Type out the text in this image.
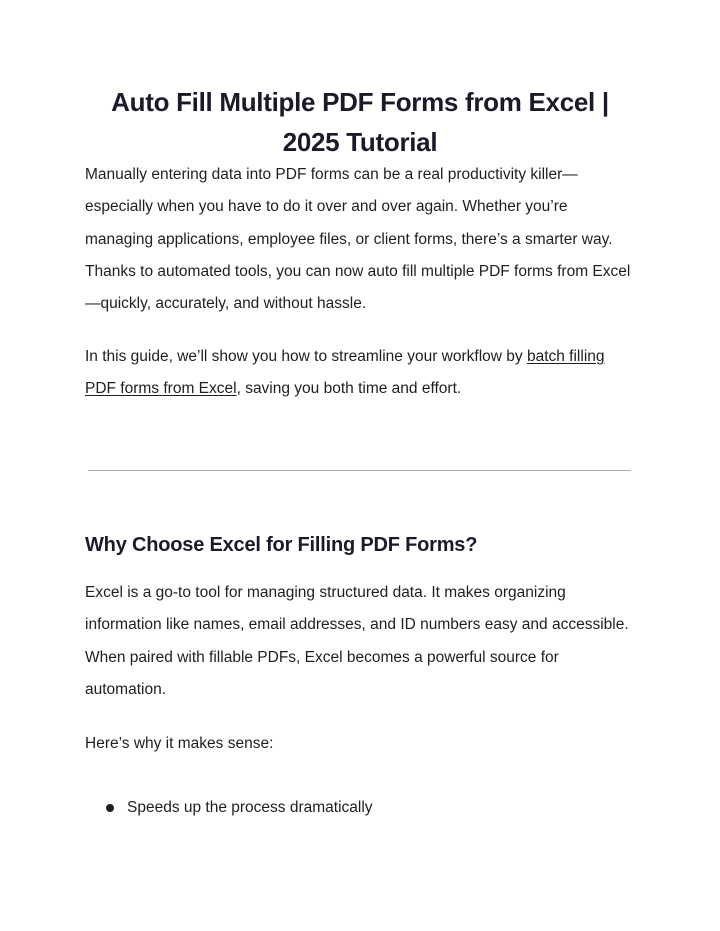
Auto Fill Multiple PDF Forms from Excel | 2025 Tutorial

Manually entering data into PDF forms can be a real productivity killer—especially when you have to do it over and over again. Whether you’re managing applications, employee files, or client forms, there’s a smarter way. Thanks to automated tools, you can now auto fill multiple PDF forms from Excel—quickly, accurately, and without hassle.

In this guide, we’ll show you how to streamline your workflow by batch filling PDF forms from Excel, saving you both time and effort.

Why Choose Excel for Filling PDF Forms?

Excel is a go-to tool for managing structured data. It makes organizing information like names, email addresses, and ID numbers easy and accessible. When paired with fillable PDFs, Excel becomes a powerful source for automation.

Here’s why it makes sense:

Speeds up the process dramatically
